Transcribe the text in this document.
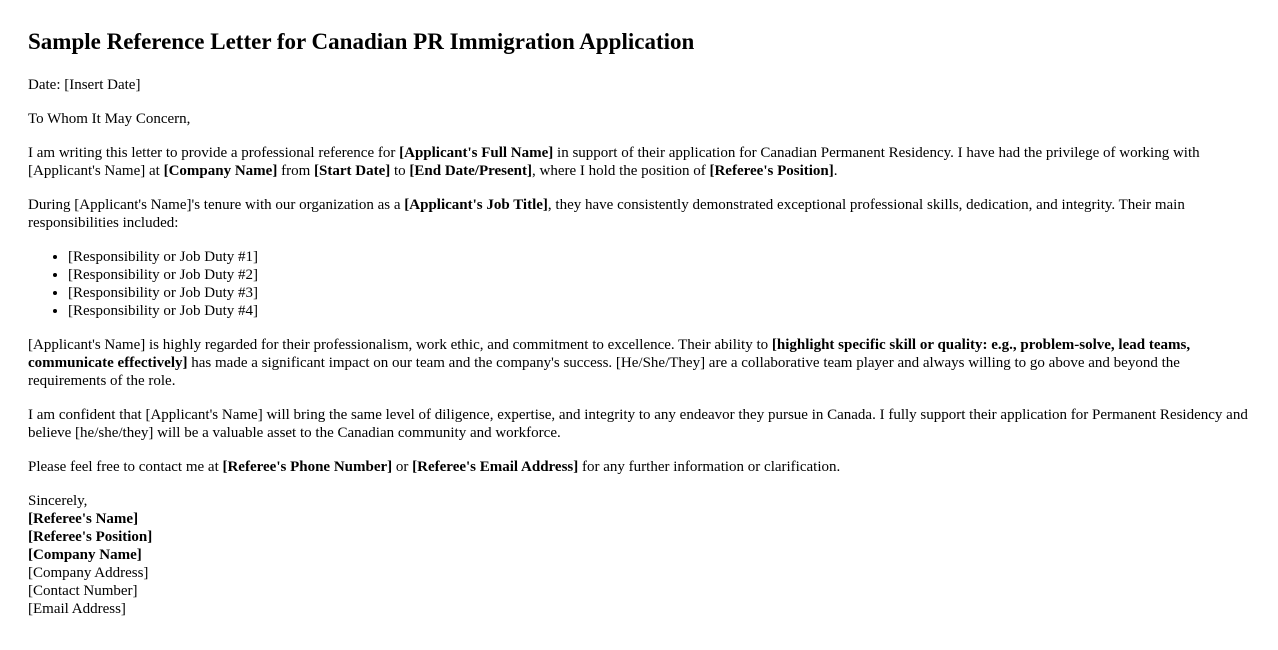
Sample Reference Letter for Canadian PR Immigration Application

Date: [Insert Date]

To Whom It May Concern,

I am writing this letter to provide a professional reference for [Applicant's Full Name] in support of their application for Canadian Permanent Residency. I have had the privilege of working with [Applicant's Name] at [Company Name] from [Start Date] to [End Date/Present], where I hold the position of [Referee's Position].

During [Applicant's Name]'s tenure with our organization as a [Applicant's Job Title], they have consistently demonstrated exceptional professional skills, dedication, and integrity. Their main responsibilities included:

• [Responsibility or Job Duty #1]
• [Responsibility or Job Duty #2]
• [Responsibility or Job Duty #3]
• [Responsibility or Job Duty #4]

[Applicant's Name] is highly regarded for their professionalism, work ethic, and commitment to excellence. Their ability to [highlight specific skill or quality: e.g., problem-solve, lead teams, communicate effectively] has made a significant impact on our team and the company's success. [He/She/They] are a collaborative team player and always willing to go above and beyond the requirements of the role.

I am confident that [Applicant's Name] will bring the same level of diligence, expertise, and integrity to any endeavor they pursue in Canada. I fully support their application for Permanent Residency and believe [he/she/they] will be a valuable asset to the Canadian community and workforce.

Please feel free to contact me at [Referee's Phone Number] or [Referee's Email Address] for any further information or clarification.

Sincerely,
[Referee's Name]
[Referee's Position]
[Company Name]
[Company Address]
[Contact Number]
[Email Address]
